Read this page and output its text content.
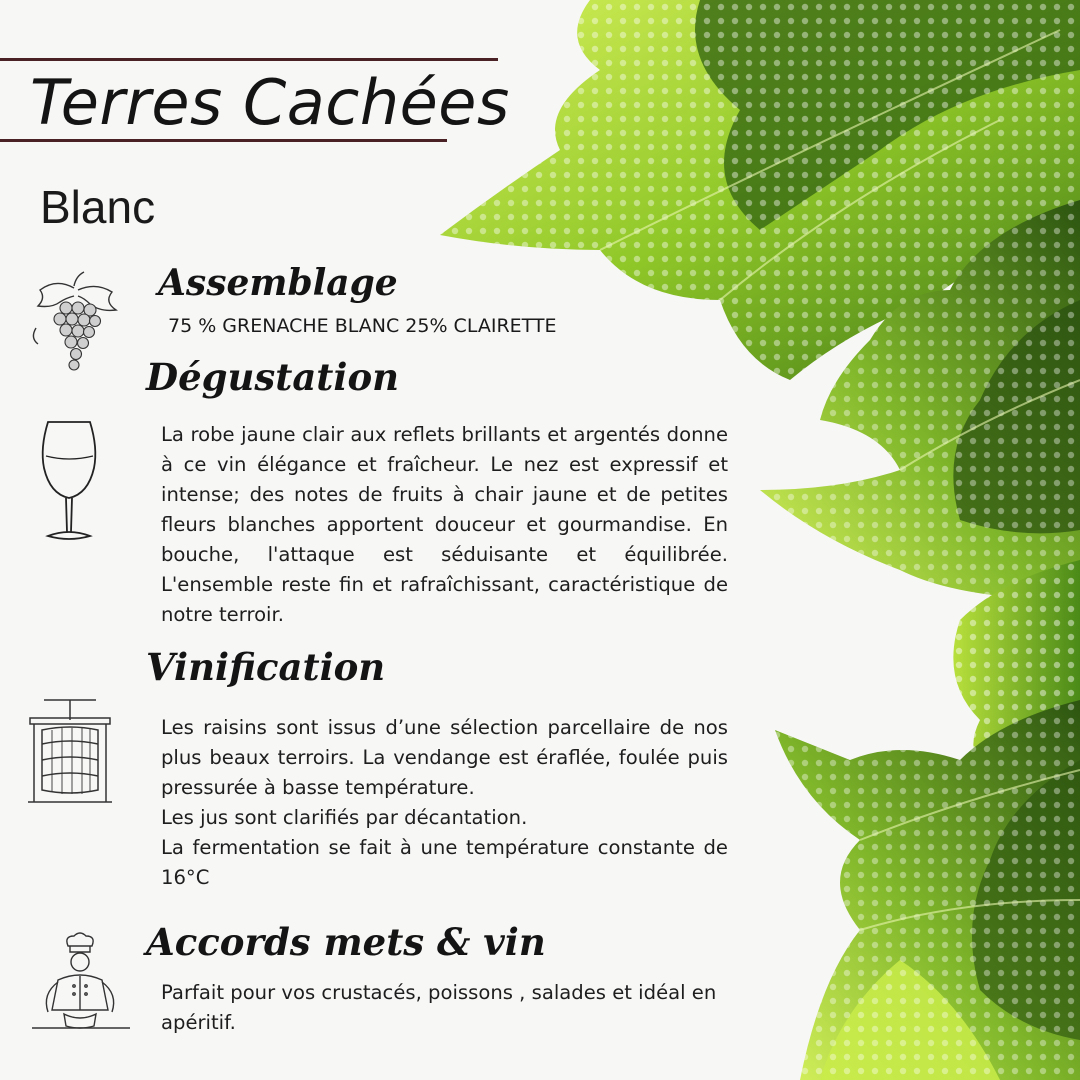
Terres Cachées
Blanc
Assemblage
75 % GRENACHE BLANC 25% CLAIRETTE
Dégustation
La robe jaune clair aux reflets brillants et argentés donne à ce vin élégance et fraîcheur. Le nez est expressif et intense; des notes de fruits à chair jaune et de petites fleurs blanches apportent douceur et gourmandise. En bouche, l'attaque est séduisante et équilibrée. L'ensemble reste fin et rafraîchissant, caractéristique de notre terroir.
Vinification
Les raisins sont issus d’une sélection parcellaire de nos plus beaux terroirs. La vendange est éraflée, foulée puis pressurée à basse température.
Les jus sont clarifiés par décantation.
La fermentation se fait à une température constante de 16°C
Accords mets & vin
Parfait pour vos crustacés, poissons , salades et idéal en apéritif.
